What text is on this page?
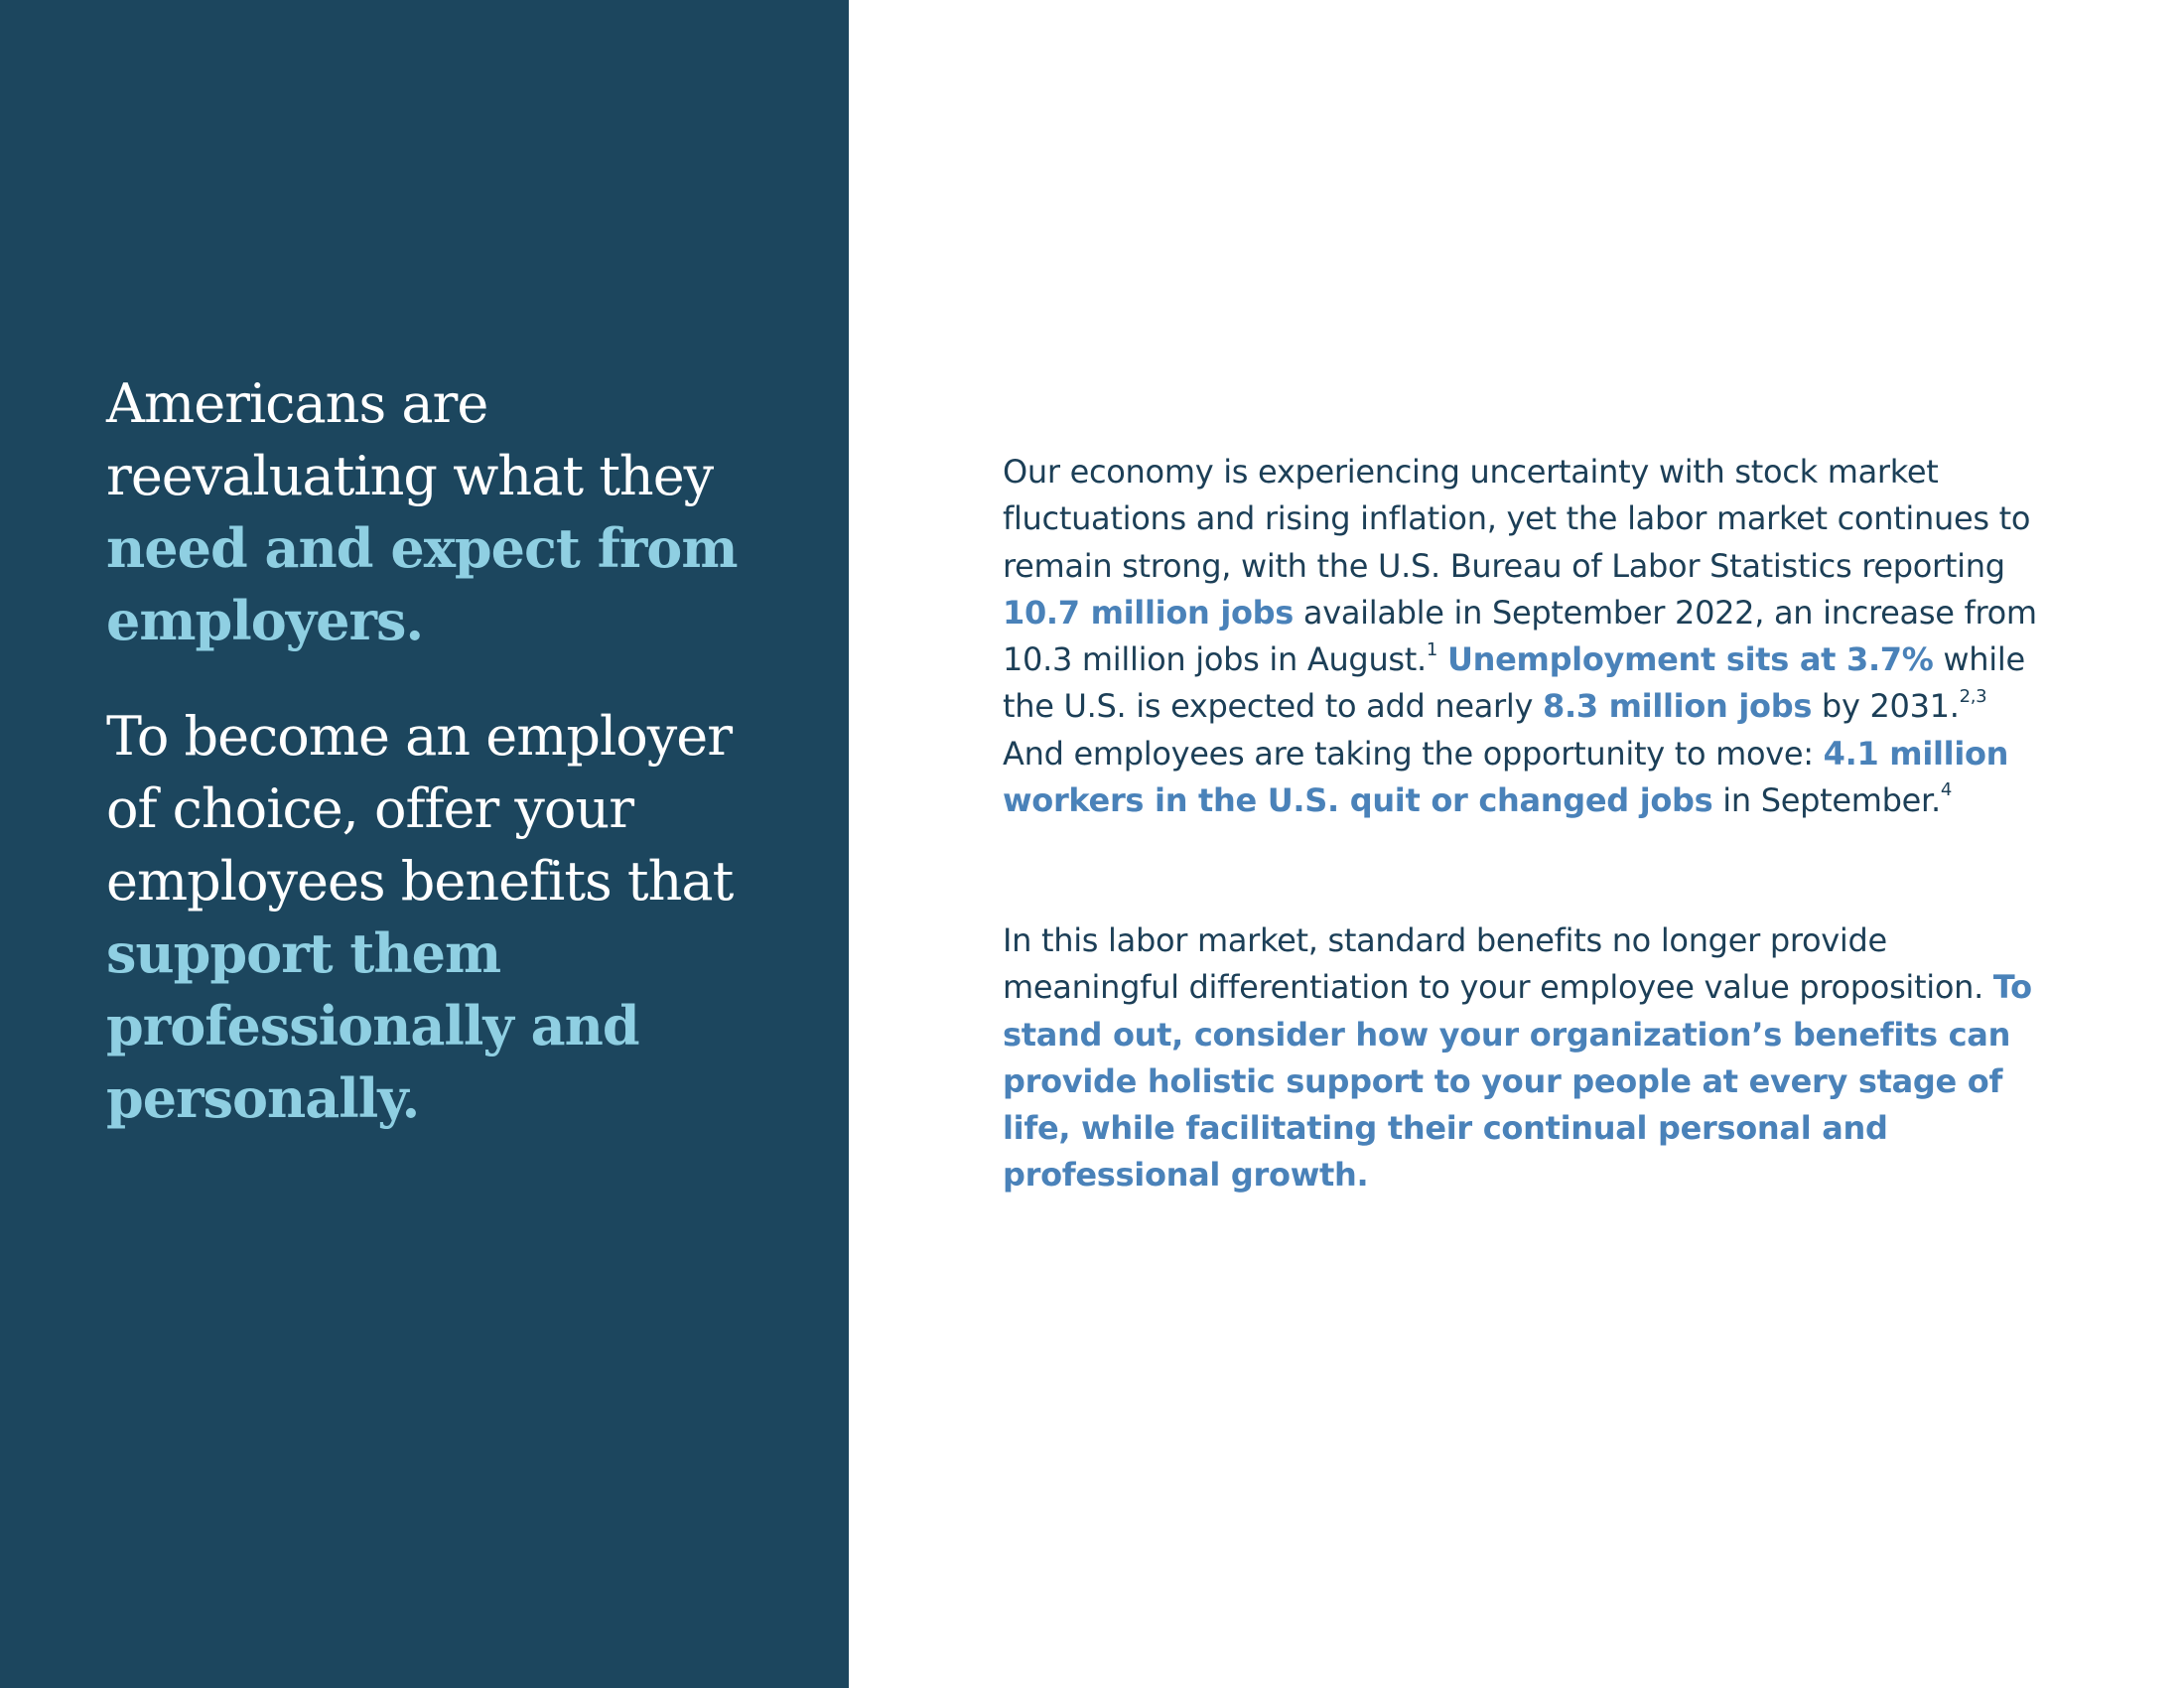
Americans are reevaluating what they need and expect from employers.
To become an employer of choice, offer your employees benefits that support them professionally and personally.

Our economy is experiencing uncertainty with stock market fluctuations and rising inflation, yet the labor market continues to remain strong, with the U.S. Bureau of Labor Statistics reporting 10.7 million jobs available in September 2022, an increase from 10.3 million jobs in August.$^1$ Unemployment sits at 3.7% while the U.S. is expected to add nearly 8.3 million jobs by 2031.$^{2,3}$ And employees are taking the opportunity to move: 4.1 million workers in the U.S. quit or changed jobs in September.$^4$

In this labor market, standard benefits no longer provide meaningful differentiation to your employee value proposition. To stand out, consider how your organization’s benefits can provide holistic support to your people at every stage of life, while facilitating their continual personal and professional growth.
